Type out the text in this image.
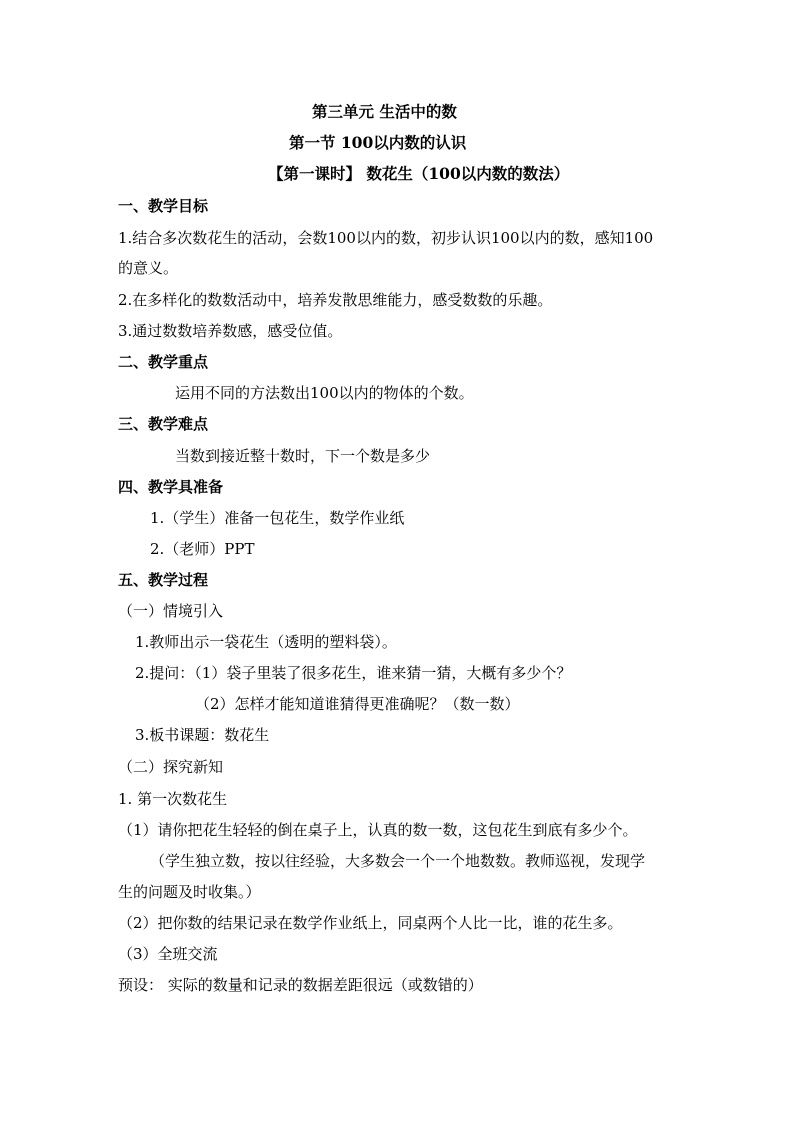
第三单元 生活中的数
第一节 100以内数的认识
【第一课时】 数花生（100以内数的数法）
一、教学目标
1.结合多次数花生的活动，会数100以内的数，初步认识100以内的数，感知100
的意义。
2.在多样化的数数活动中，培养发散思维能力，感受数数的乐趣。
3.通过数数培养数感，感受位值。
二、教学重点
运用不同的方法数出100以内的物体的个数。
三、教学难点
当数到接近整十数时，下一个数是多少
四、教学具准备
1.（学生）准备一包花生，数学作业纸
2.（老师）PPT
五、教学过程
（一）情境引入
1.教师出示一袋花生（透明的塑料袋）。
2.提问：（1）袋子里装了很多花生，谁来猜一猜，大概有多少个？
（2）怎样才能知道谁猜得更准确呢？（数一数）
3.板书课题：数花生
（二）探究新知
1. 第一次数花生
（1）请你把花生轻轻的倒在桌子上，认真的数一数，这包花生到底有多少个。
（学生独立数，按以往经验，大多数会一个一个地数数。教师巡视，发现学
生的问题及时收集。）
（2）把你数的结果记录在数学作业纸上，同桌两个人比一比，谁的花生多。
（3）全班交流
预设： 实际的数量和记录的数据差距很远（或数错的）
